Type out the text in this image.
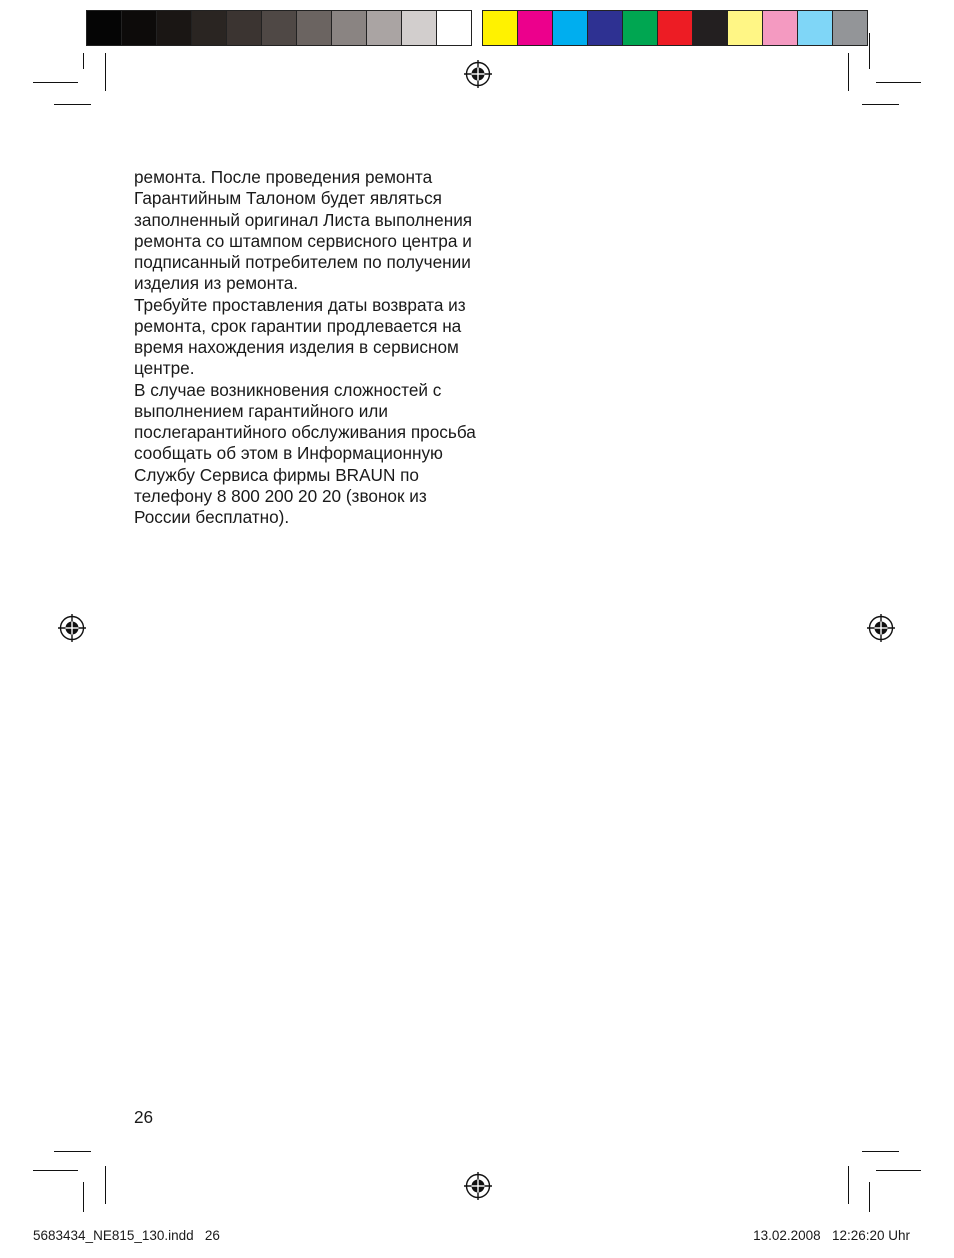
ремонта. После проведения ремонта Гарантийным Талоном будет являться заполненный оригинал Листа выполнения ремонта со штампом сервисного центра и подписанный потребителем по получении изделия из ремонта.

Требуйте проставления даты возврата из ремонта, срок гарантии продлевается на время нахождения изделия в сервисном центре.

В случае возникновения сложностей с выполнением гарантийного или послегарантийного обслуживания просьба сообщать об этом в Информационную Службу Сервиса фирмы BRAUN по телефону 8 800 200 20 20 (звонок из России бесплатно).

26
5683434_NE815_130.indd   26	13.02.2008   12:26:20 Uhr
